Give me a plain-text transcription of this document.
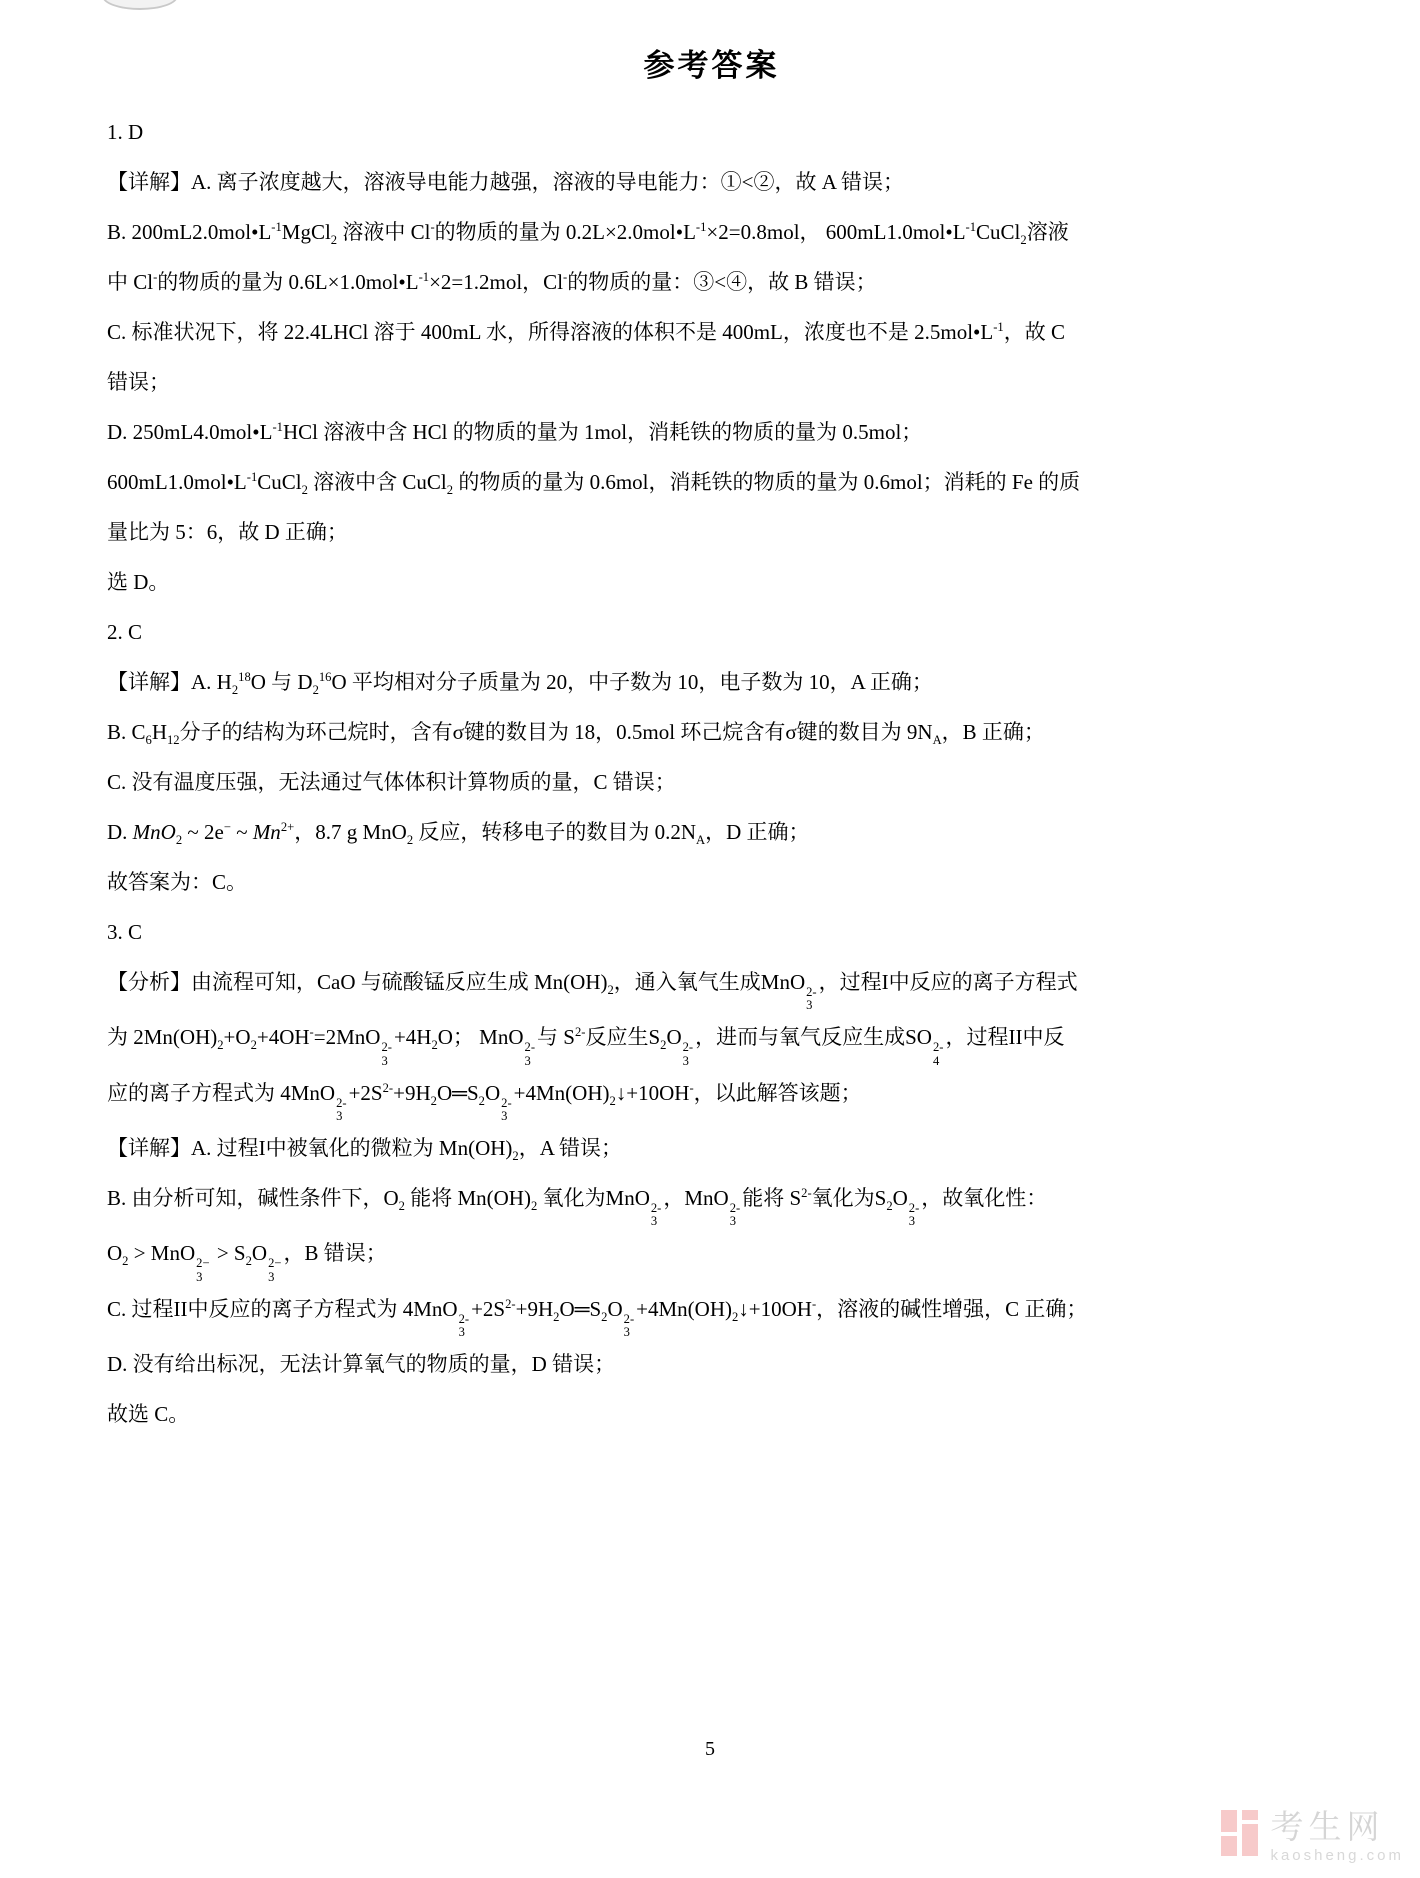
参考答案
1. D
【详解】A. 离子浓度越大，溶液导电能力越强，溶液的导电能力：①<②，故 A 错误；
B. $200mL2.0mol•L^{-1}MgCl_2$ 溶液中 Cl-的物质的量为 $0.2L\times 2.0mol•L^{-1}\times 2=0.8mol$， $600mL1.0mol•L^{-1}CuCl_2$溶液
中 Cl-的物质的量为 $0.6L\times 1.0mol•L^{-1}\times 2=1.2mol$，Cl-的物质的量：③<④，故 B 错误；
C. 标准状况下，将 22.4LHCl 溶于 400mL 水，所得溶液的体积不是 400mL，浓度也不是 $2.5mol•L^{-1}$，故 C
错误；
D. $250mL4.0mol•L^{-1}HCl$ 溶液中含 HCl 的物质的量为 1mol，消耗铁的物质的量为 0.5mol；
$600mL1.0mol•L^{-1}CuCl_2$ 溶液中含 CuCl$_2$ 的物质的量为 0.6mol，消耗铁的物质的量为 0.6mol；消耗的 Fe 的质
量比为 5：6，故 D 正确；
选 D。
2. C
【详解】A. $H_2^{18}O$ 与 $D_2^{16}O$ 平均相对分子质量为 20，中子数为 10，电子数为 10，A 正确；
B. $C_6H_{12}$分子的结构为环己烷时，含有σ键的数目为 18，0.5mol 环己烷含有σ键的数目为 $9N_A$，B 正确；
C. 没有温度压强，无法通过气体体积计算物质的量，C 错误；
D. MnO$_2$ ~ 2e− ~ $Mn^{2+}$，8.7 g MnO$_2$ 反应，转移电子的数目为 $0.2N_A$，D 正确；
故答案为：C。
3. C
【分析】由流程可知，CaO 与硫酸锰反应生成 $Mn(OH)_2$，通入氧气生成MnO 2-
3
，过程I中反应的离子方程式
为 $2Mn(OH)_2+O_2+4OH^-=2MnO$ 2-
3
$+4H_2O$； MnO 2-
3
与 $S^{2-}$反应生$S_2O$ 2-
3
，进而与氧气反应生成SO 2-
4
，过程II中反
应的离子方程式为 4MnO 2-
3
$+2S^{2-}+9H_2O═S_2O$ 2-
3
$+4Mn(OH)_2↓+10OH^-$，以此解答该题；
【详解】A. 过程I中被氧化的微粒为 $Mn(OH)_2$，A 错误；
B. 由分析可知，碱性条件下，$O_2$ 能将 $Mn(OH)_2$ 氧化为MnO 2-
3
，MnO 2-
3
能将 $S^{2-}$氧化为$S_2O$ 2-
3
，故氧化性：
$O_2$ > MnO 2−
3
> $S_2O$ 2−
3
，B 错误；
C. 过程II中反应的离子方程式为 4MnO 2-
3
$+2S^{2-}+9H_2O═S_2O$ 2-
3
$+4Mn(OH)_2↓+10OH^-$，溶液的碱性增强，C 正确；
D. 没有给出标况，无法计算氧气的物质的量，D 错误；
故选 C。
5
考生网
kaosheng.com
